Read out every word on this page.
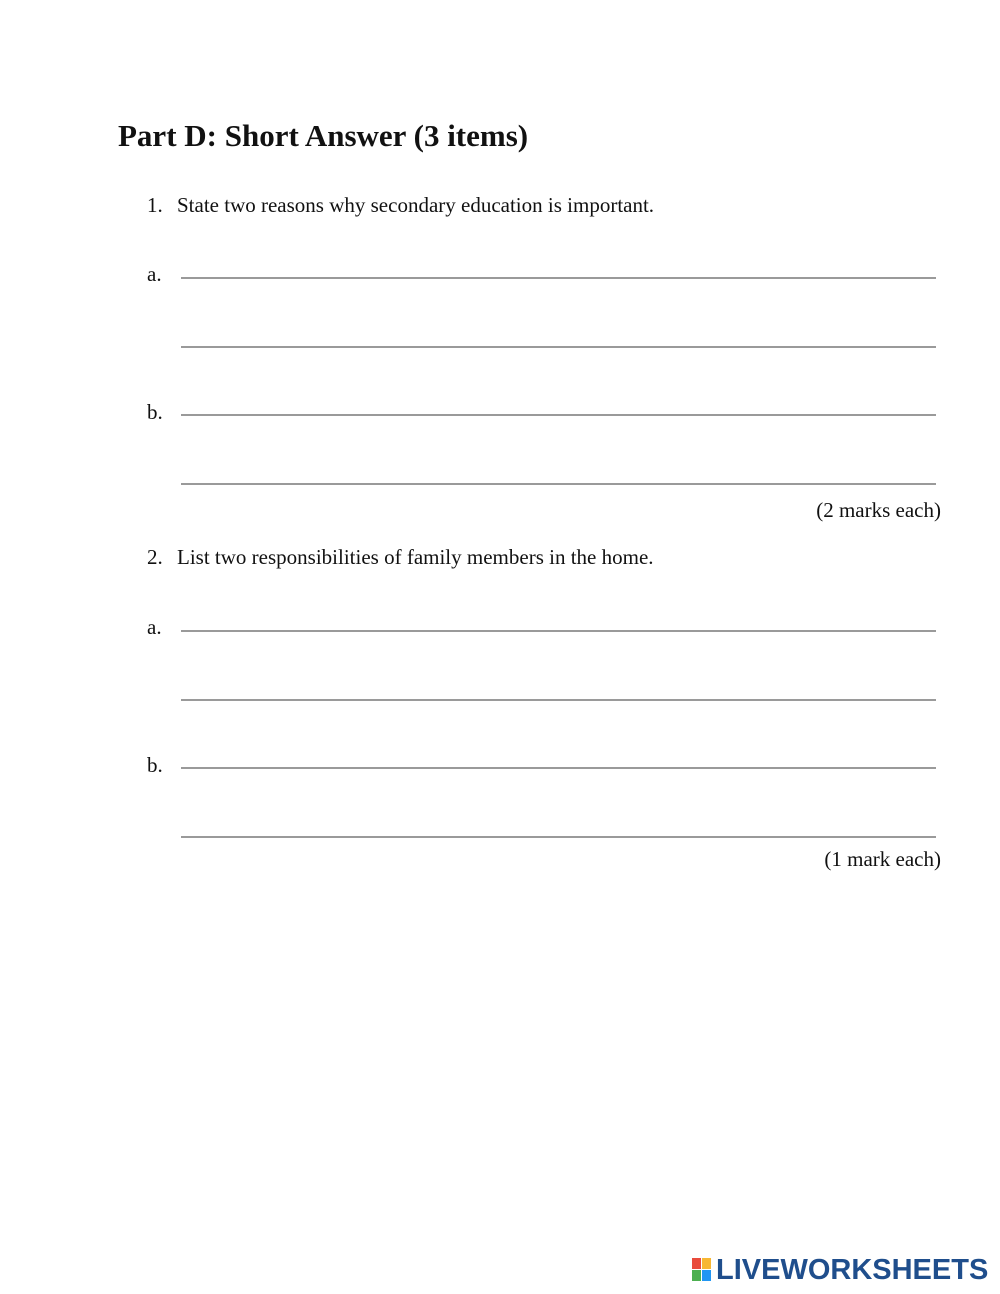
Part D: Short Answer (3 items)
1. State two reasons why secondary education is important.
a.
b.
(2 marks each)
2. List two responsibilities of family members in the home.
a.
b.
(1 mark each)
LIVEWORKSHEETS
